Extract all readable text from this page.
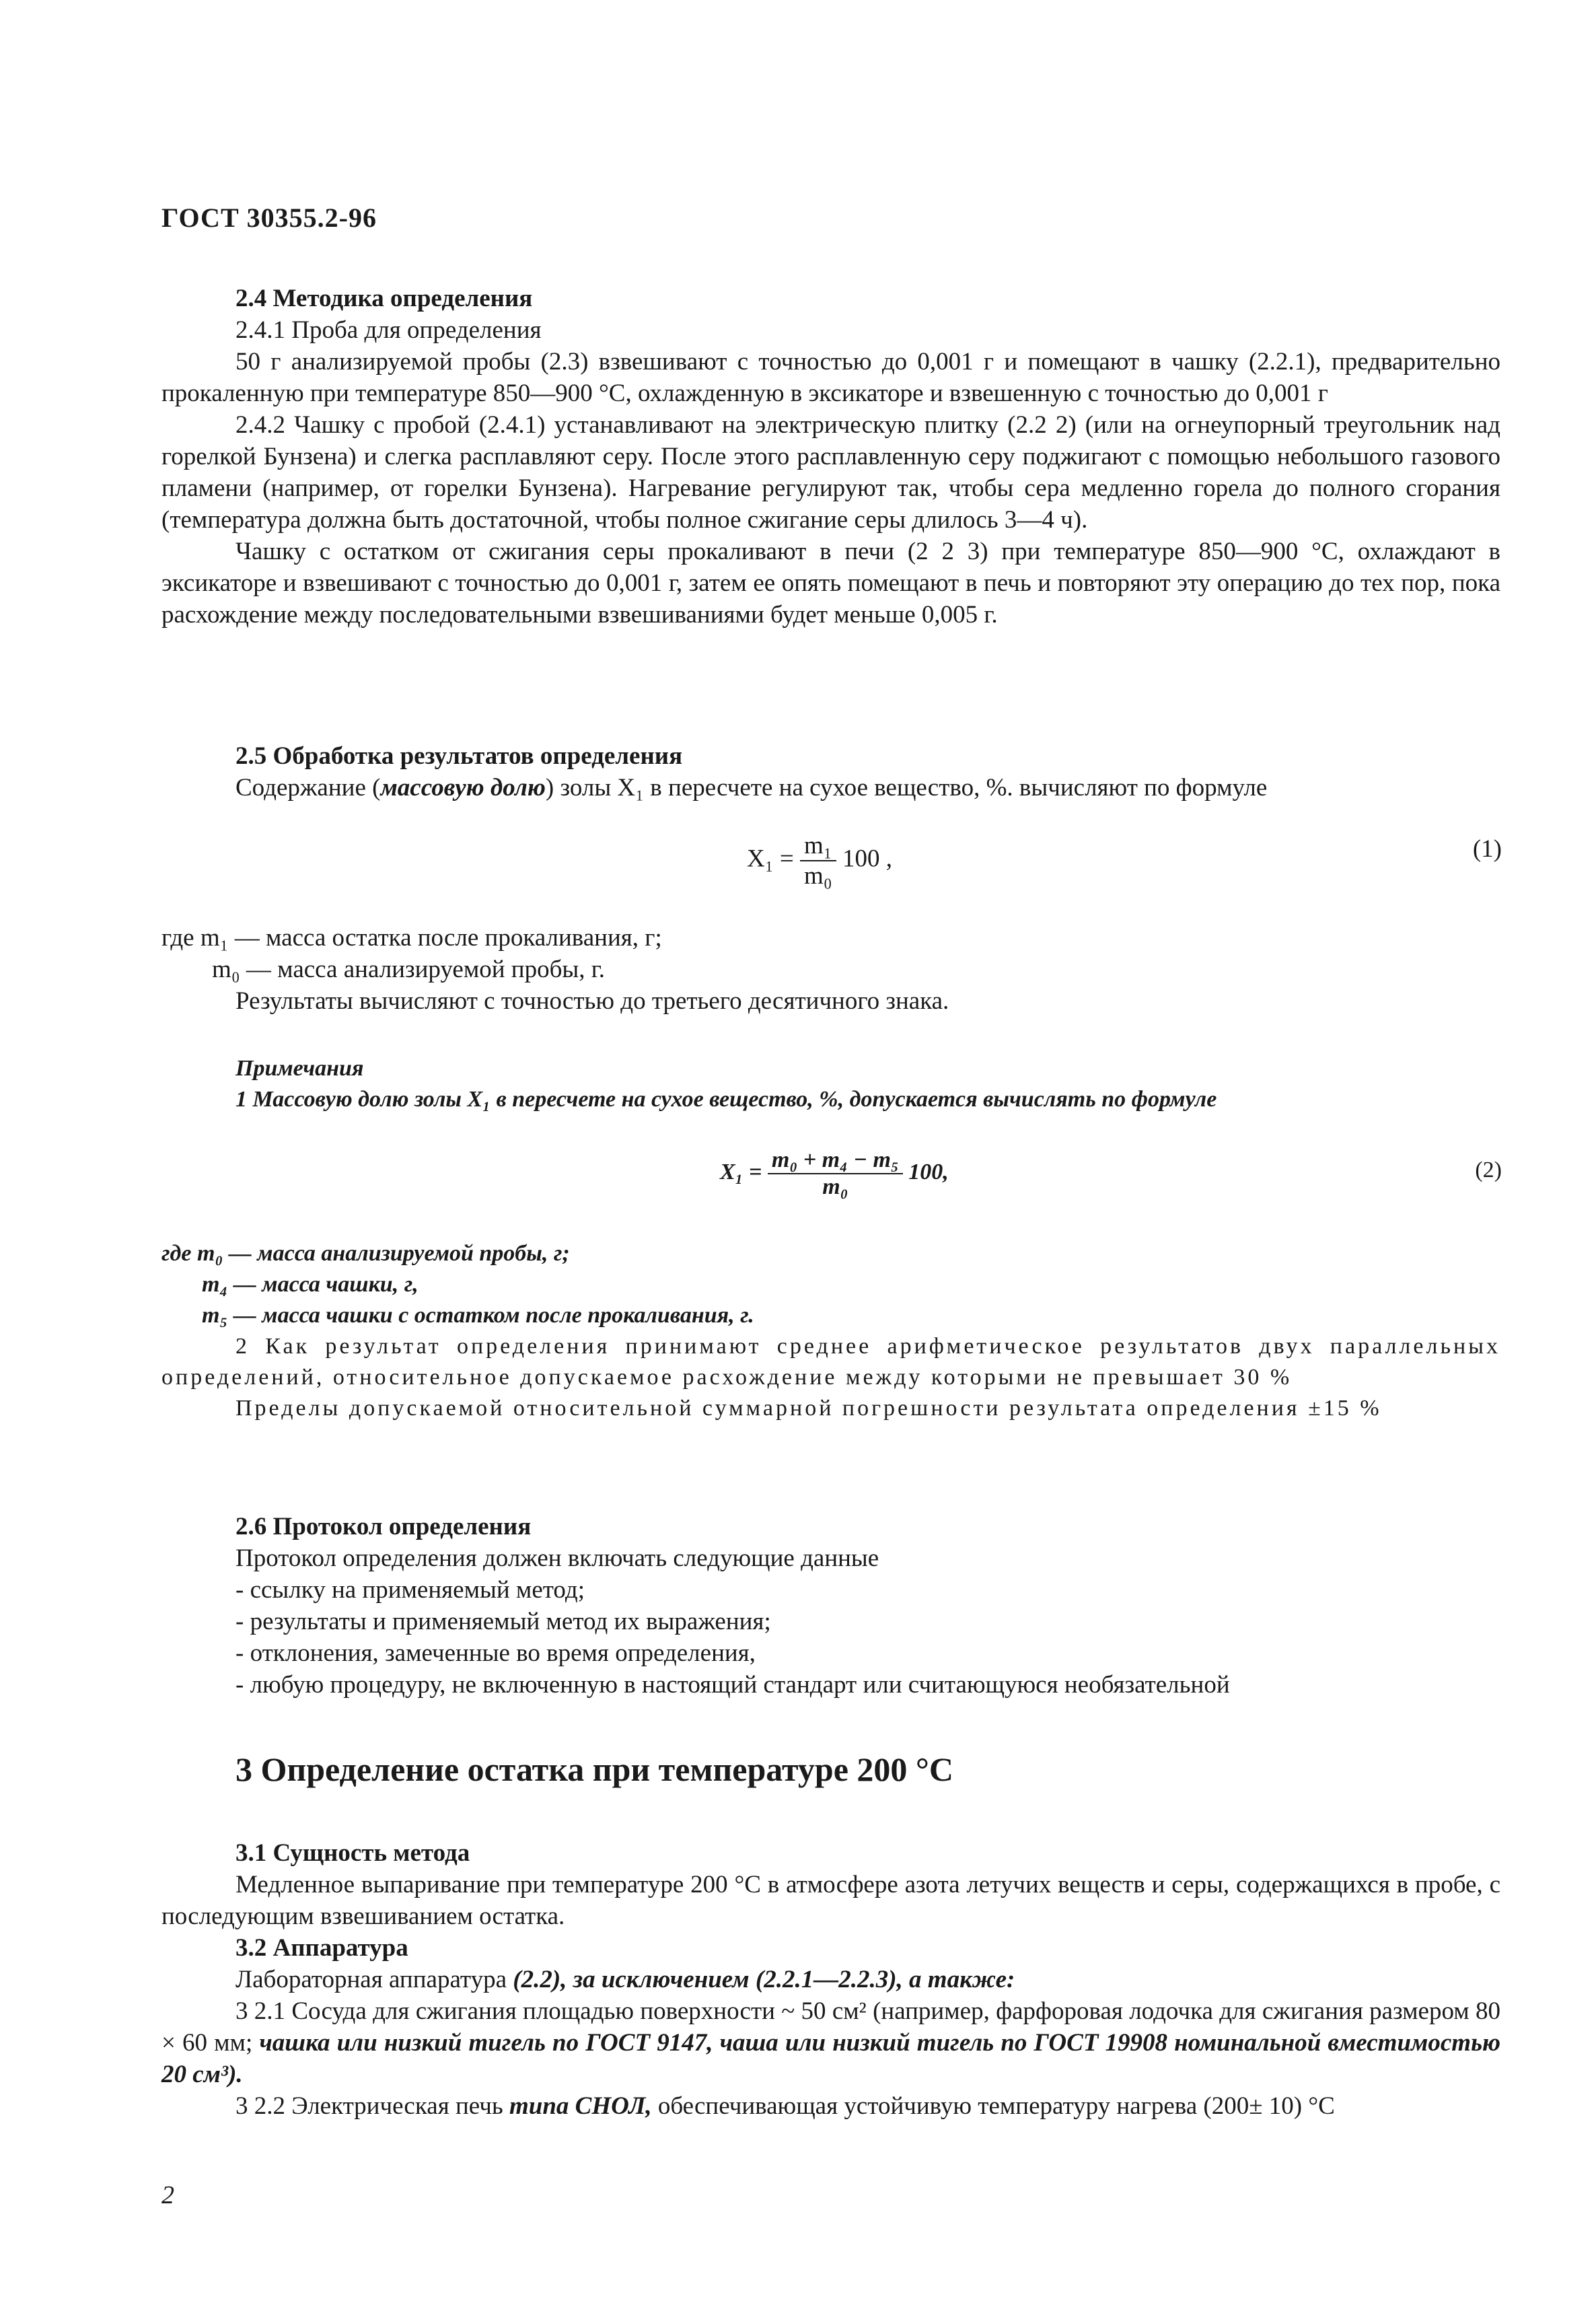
ГОСТ 30355.2-96
2.4 Методика определения
2.4.1 Проба для определения
50 г анализируемой пробы (2.3) взвешивают с точностью до 0,001 г и помещают в чашку (2.2.1), предварительно прокаленную при температуре 850—900 °С, охлажденную в эксикаторе и взвешенную с точностью до 0,001 г
2.4.2 Чашку с пробой (2.4.1) устанавливают на электрическую плитку (2.2 2) (или на огнеупорный треугольник над горелкой Бунзена) и слегка расплавляют серу. После этого расплавленную серу поджигают с помощью небольшого газового пламени (например, от горелки Бунзена). Нагревание регулируют так, чтобы сера медленно горела до полного сгорания (температура должна быть достаточной, чтобы полное сжигание серы длилось 3—4 ч).
Чашку с остатком от сжигания серы прокаливают в печи (2 2 3) при температуре 850—900 °С, охлаждают в эксикаторе и взвешивают с точностью до 0,001 г, затем ее опять помещают в печь и повторяют эту операцию до тех пор, пока расхождение между последовательными взвешиваниями будет меньше 0,005 г.
2.5 Обработка результатов определения
Содержание (массовую долю) золы X₁ в пересчете на сухое вещество, %. вычисляют по формуле
$X_1 = \frac{\text{m₁}}{\text{m₀}} 100$ ,	(1)
где m₁ — масса остатка после прокаливания, г;
m₀ — масса анализируемой пробы, г.
Результаты вычисляют с точностью до третьего десятичного знака.
Примечания
1 Массовую долю золы X₁ в пересчете на сухое вещество, %, допускается вычислять по формуле
$X_1 = \frac{\text{m₀ + m₄ − m₅}}{\text{m₀}} 100$,	(2)
где m₀ — масса анализируемой пробы, г;
m₄ — масса чашки, г,
m₅ — масса чашки с остатком после прокаливания, г.
2 Как результат определения принимают среднее арифметическое результатов двух параллельных определений, относительное допускаемое расхождение между которыми не превышает 30 %
Пределы допускаемой относительной суммарной погрешности результата определения ±15 %
2.6 Протокол определения
Протокол определения должен включать следующие данные
- ссылку на применяемый метод;
- результаты и применяемый метод их выражения;
- отклонения, замеченные во время определения,
- любую процедуру, не включенную в настоящий стандарт или считающуюся необязательной
3 Определение остатка при температуре 200 °С
3.1 Сущность метода
Медленное выпаривание при температуре 200 °С в атмосфере азота летучих веществ и серы, содержащихся в пробе, с последующим взвешиванием остатка.
3.2 Аппаратура
Лабораторная аппаратура (2.2), за исключением (2.2.1—2.2.3), а также:
3 2.1 Сосуда для сжигания площадью поверхности ~ 50 см² (например, фарфоровая лодочка для сжигания размером 80 × 60 мм; чашка или низкий тигель по ГОСТ 9147, чаша или низкий тигель по ГОСТ 19908 номинальной вместимостью 20 см³).
3 2.2 Электрическая печь типа СНОЛ, обеспечивающая устойчивую температуру нагрева (200± 10) °С
2
